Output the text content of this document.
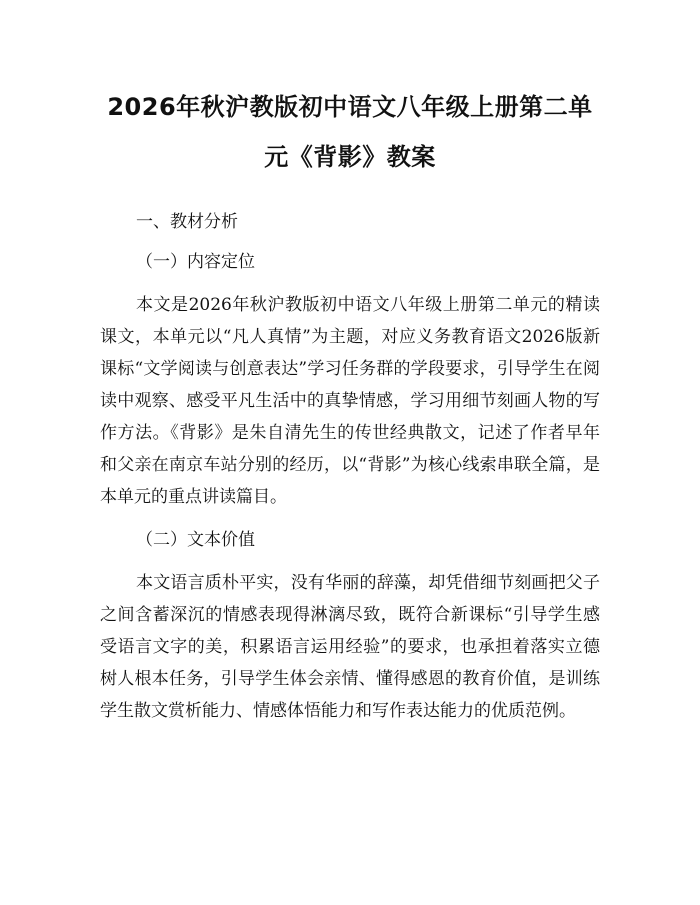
2026年秋沪教版初中语文八年级上册第二单
元《背影》教案

一、教材分析

（一）内容定位

本文是2026年秋沪教版初中语文八年级上册第二单元的精读课文，本单元以“凡人真情”为主题，对应义务教育语文2026版新课标“文学阅读与创意表达”学习任务群的学段要求，引导学生在阅读中观察、感受平凡生活中的真挚情感，学习用细节刻画人物的写作方法。《背影》是朱自清先生的传世经典散文，记述了作者早年和父亲在南京车站分别的经历，以“背影”为核心线索串联全篇，是本单元的重点讲读篇目。

（二）文本价值

本文语言质朴平实，没有华丽的辞藻，却凭借细节刻画把父子之间含蓄深沉的情感表现得淋漓尽致，既符合新课标“引导学生感受语言文字的美，积累语言运用经验”的要求，也承担着落实立德树人根本任务，引导学生体会亲情、懂得感恩的教育价值，是训练学生散文赏析能力、情感体悟能力和写作表达能力的优质范例。
